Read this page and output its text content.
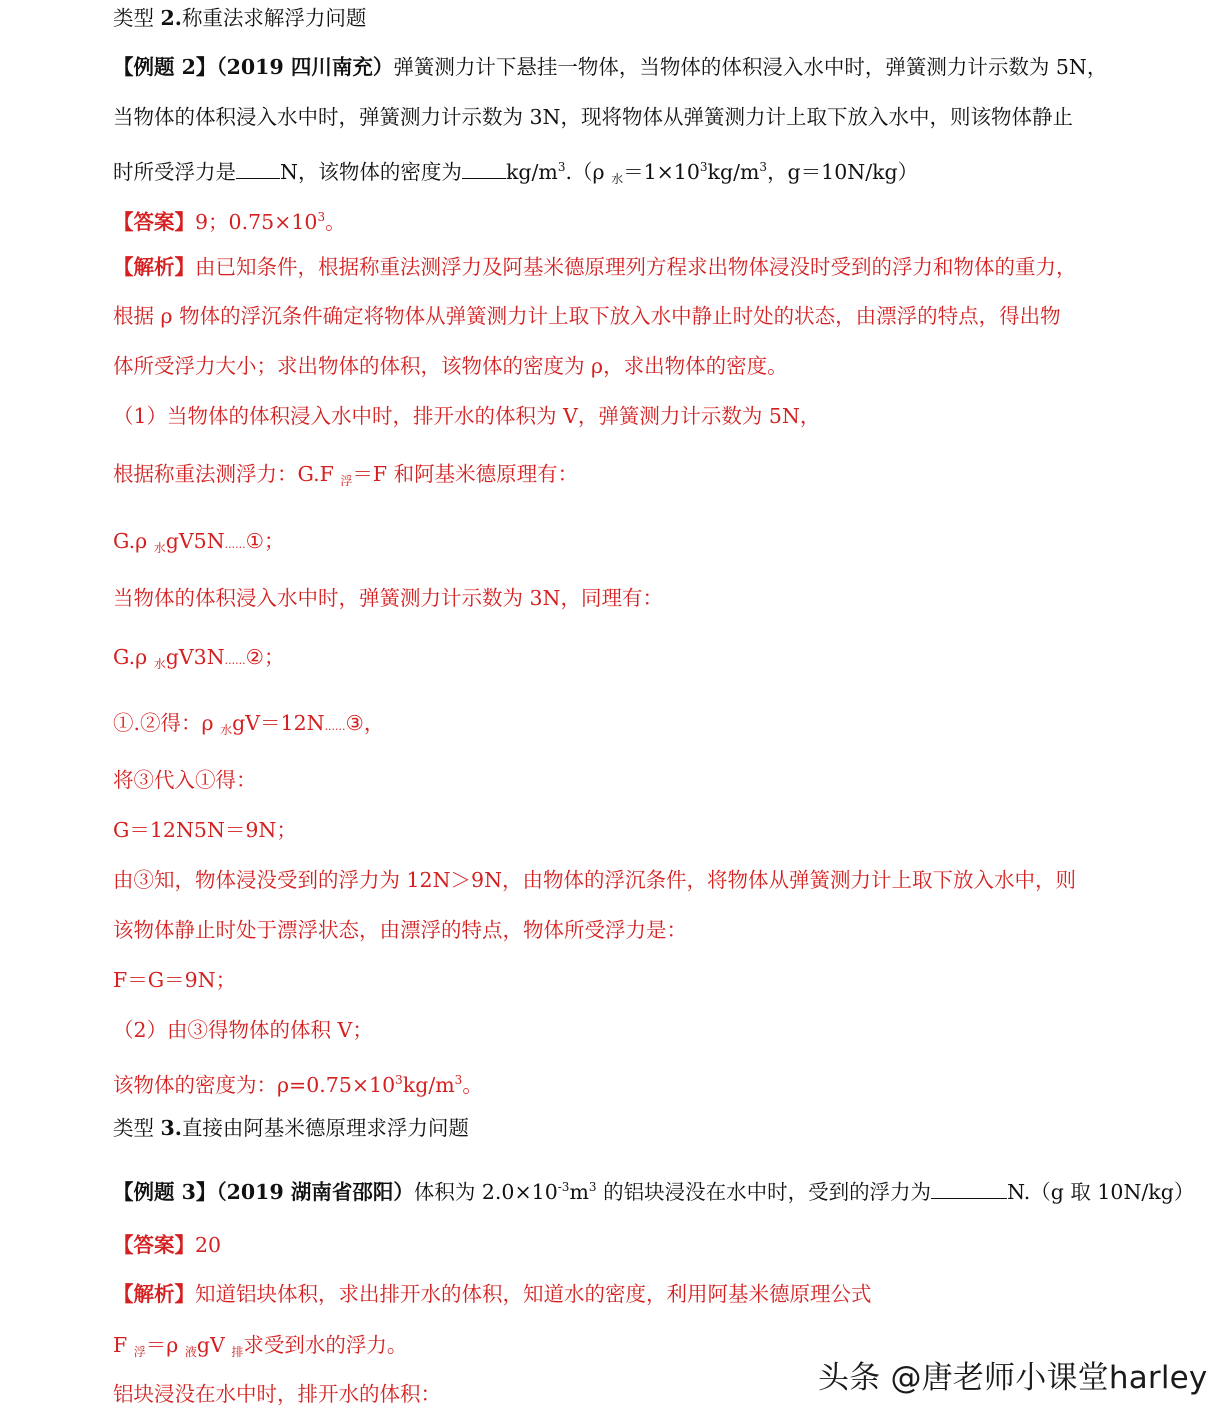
类型 2.称重法求解浮力问题
【例题 2】（2019 四川南充）弹簧测力计下悬挂一物体，当物体的体积浸入水中时，弹簧测力计示数为 5N，
当物体的体积浸入水中时，弹簧测力计示数为 3N，现将物体从弹簧测力计上取下放入水中，则该物体静止
时所受浮力是 N，该物体的密度为 $kg/m^3.(\rho$ $_水=1\times 10^3kg/m^3$，g＝10N/kg）
【答案】9；$0.75\times 10^3$。
【解析】由已知条件，根据称重法测浮力及阿基米德原理列方程求出物体浸没时受到的浮力和物体的重力，
根据 ρ 物体的浮沉条件确定将物体从弹簧测力计上取下放入水中静止时处的状态，由漂浮的特点，得出物
体所受浮力大小；求出物体的体积，该物体的密度为 ρ，求出物体的密度。
（1）当物体的体积浸入水中时，排开水的体积为 V，弹簧测力计示数为 5N，
根据称重法测浮力：G.F $_浮$＝F 和阿基米德原理有：
G.ρ $_水$gV5N......①；
当物体的体积浸入水中时，弹簧测力计示数为 3N，同理有：
G.ρ $_水$gV3N......②；
①.②得：ρ $_水$gV＝12N......③，
将③代入①得：
G＝12N5N＝9N；
由③知，物体浸没受到的浮力为 12N＞9N，由物体的浮沉条件，将物体从弹簧测力计上取下放入水中，则
该物体静止时处于漂浮状态，由漂浮的特点，物体所受浮力是：
F＝G＝9N；
（2）由③得物体的体积 V；
该物体的密度为：$\rho=0.75\times 10^3kg/m^3$。
类型 3.直接由阿基米德原理求浮力问题
【例题 3】（2019 湖南省邵阳）体积为 $2.0\times 10^{-3}m^3$ 的铝块浸没在水中时，受到的浮力为	N.（g 取 10N/kg）
【答案】20
【解析】知道铝块体积，求出排开水的体积，知道水的密度，利用阿基米德原理公式
F $_浮$＝ρ $_液$gV $_排$求受到水的浮力。
铝块浸没在水中时，排开水的体积：	头条 @唐老师小课堂harley
